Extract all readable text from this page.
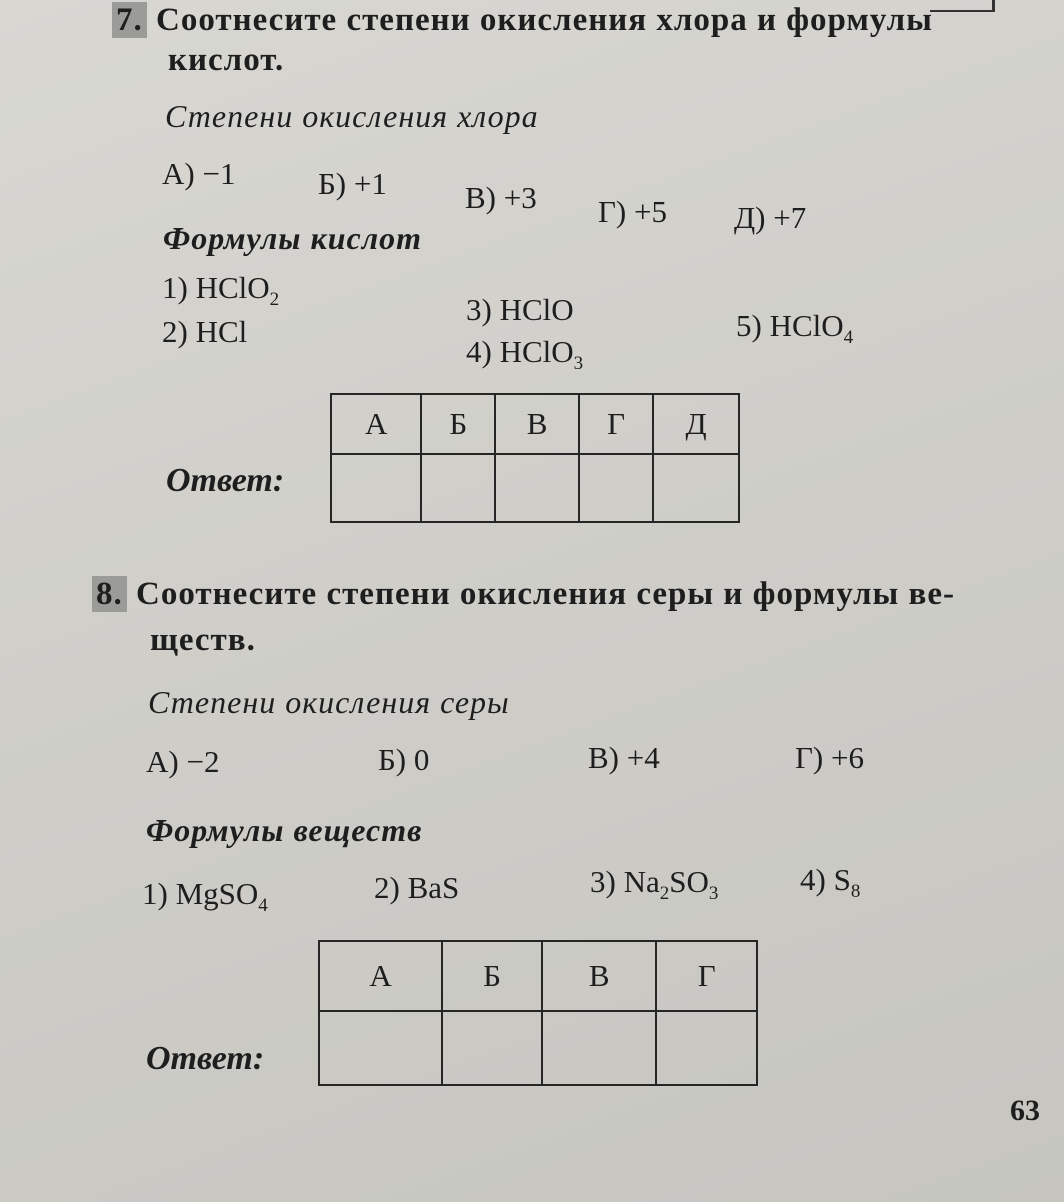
7. Соотнесите степени окисления хлора и формулы
кислот.
Степени окисления хлора
А) −1	Б) +1	В) +3 Г) +5 Д) +7
Формулы кислот
1) HClO$_2$
2) HCl
3) HClO
4) HClO$_3$
5) HClO$_4$
Ответ:
А	Б	В	Г	Д

8. Соотнесите степени окисления серы и формулы ве-
ществ.
Степени окисления серы
А) −2	Б) 0	В) +4	Г) +6
Формулы веществ
1) MgSO$_4$
2) BaS	3) $Na_2SO_3$	4) $S_8$
Ответ:
А	Б	В	Г

63
